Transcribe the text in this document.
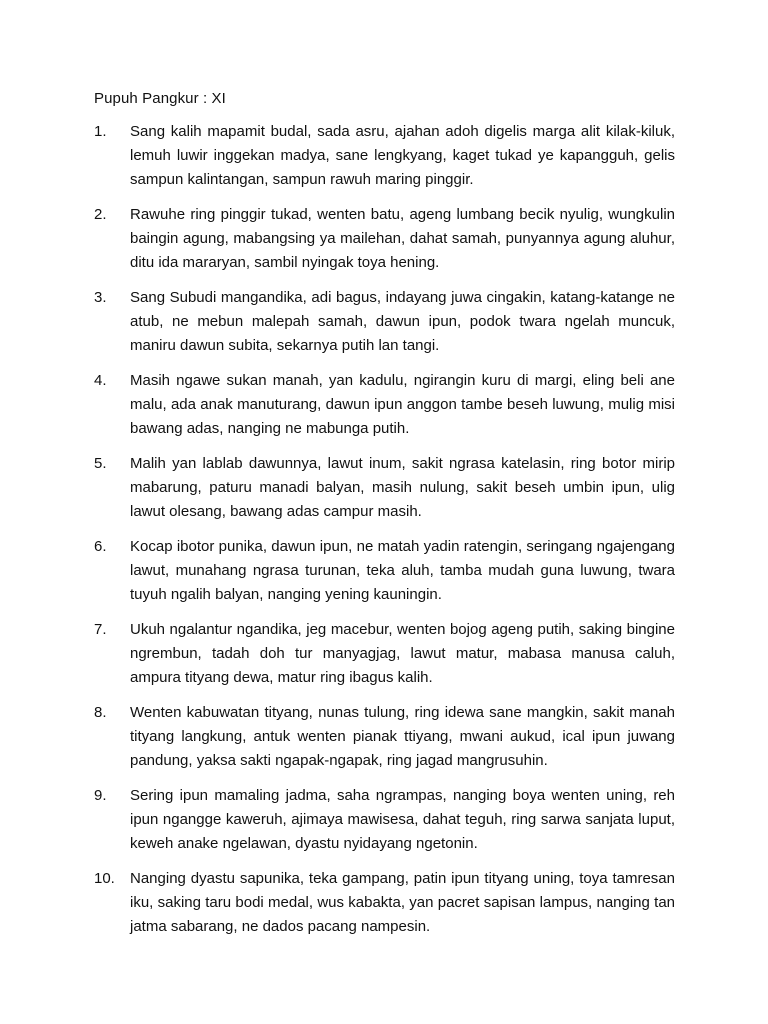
Pupuh Pangkur : XI
1.	Sang kalih mapamit budal, sada asru, ajahan adoh digelis marga alit kilak-kiluk, lemuh luwir inggekan madya, sane lengkyang, kaget tukad ye kapangguh, gelis sampun kalintangan, sampun rawuh maring pinggir.
2.	Rawuhe ring pinggir tukad, wenten batu, ageng lumbang becik nyulig, wungkulin baingin agung, mabangsing ya mailehan, dahat samah, punyannya agung aluhur, ditu ida mararyan, sambil nyingak toya hening.
3.	Sang Subudi mangandika, adi bagus, indayang juwa cingakin, katang-katange ne atub, ne mebun malepah samah, dawun ipun, podok twara ngelah muncuk, maniru dawun subita, sekarnya putih lan tangi.
4.	Masih ngawe sukan manah, yan kadulu, ngirangin kuru di margi, eling beli ane malu, ada anak manuturang, dawun ipun anggon tambe beseh luwung, mulig misi bawang adas, nanging ne mabunga putih.
5.	Malih yan lablab dawunnya, lawut inum, sakit ngrasa katelasin, ring botor mirip mabarung, paturu manadi balyan, masih nulung, sakit beseh umbin ipun, ulig lawut olesang, bawang adas campur masih.
6.	Kocap ibotor punika, dawun ipun, ne matah yadin ratengin, seringang ngajengang lawut, munahang ngrasa turunan, teka aluh, tamba mudah guna luwung, twara tuyuh ngalih balyan, nanging yening kauningin.
7.	Ukuh ngalantur ngandika, jeg macebur, wenten bojog ageng putih, saking bingine ngrembun, tadah doh tur manyagjag, lawut matur, mabasa manusa caluh, ampura tityang dewa, matur ring ibagus kalih.
8.	Wenten kabuwatan tityang, nunas tulung, ring idewa sane mangkin, sakit manah tityang langkung, antuk wenten pianak ttiyang, mwani aukud, ical ipun juwang pandung, yaksa sakti ngapak-ngapak, ring jagad mangrusuhin.
9.	Sering ipun mamaling jadma, saha ngrampas, nanging boya wenten uning, reh ipun ngangge kaweruh, ajimaya mawisesa, dahat teguh, ring sarwa sanjata luput, keweh anake ngelawan, dyastu nyidayang ngetonin.
10.	Nanging dyastu sapunika, teka gampang, patin ipun tityang uning, toya tamresan iku, saking taru bodi medal, wus kabakta, yan pacret sapisan lampus, nanging tan jatma sabarang, ne dados pacang nampesin.
